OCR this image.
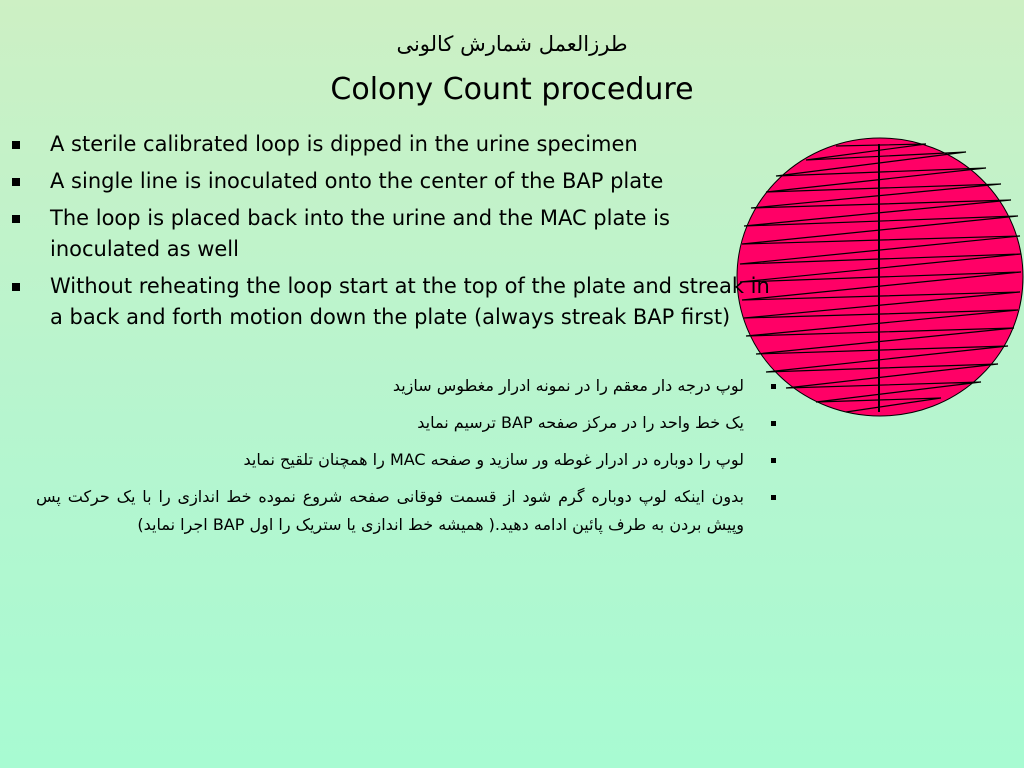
طرزالعمل شمارش کالونی
Colony Count procedure
A sterile calibrated loop is dipped in the urine specimen
A single line is inoculated onto the center of the BAP plate
The loop is placed back into the urine and the MAC plate is inoculated as well
Without reheating the loop start at the top of the plate and streak in a back and forth motion down the plate (always streak BAP first)
لوپ درجه دار معقم را در نمونه ادرار مغطوس سازید
یک خط واحد را در مرکز صفحه BAP ترسیم نماید
لوپ را دوباره در ادرار غوطه ور سازید و صفحه MAC را همچنان تلقیح نماید
بدون اینکه لوپ دوباره گرم شود از قسمت فوقانی صفحه شروع نموده خط اندازی را با یک حرکت پس وپیش بردن به طرف پائین ادامه دهید.( همیشه خط اندازی یا ستریک را اول BAP اجرا نماید)
